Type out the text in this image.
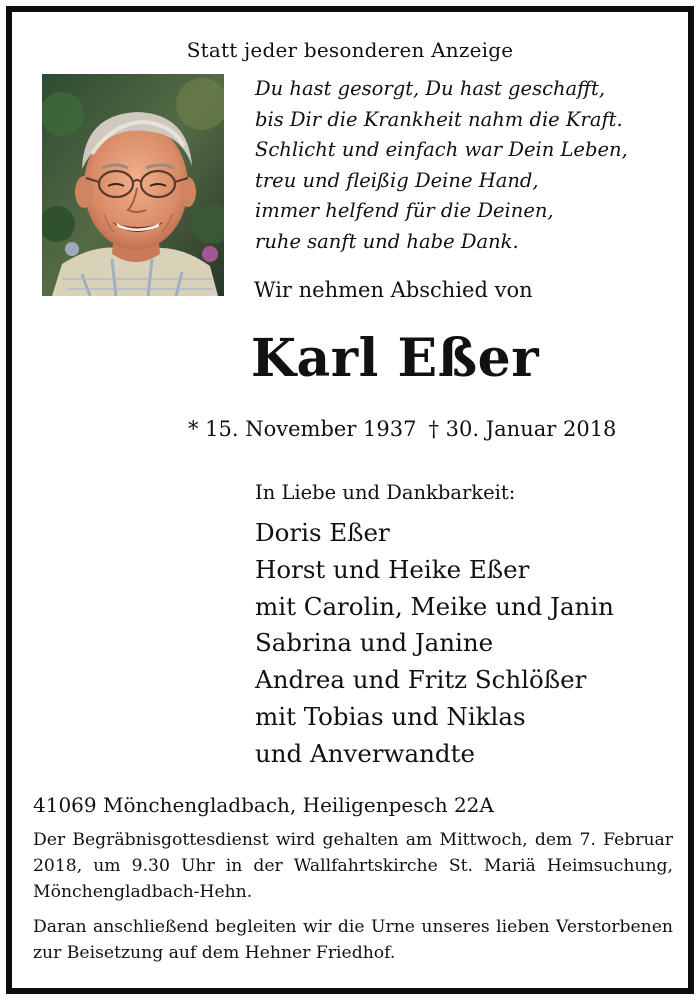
Statt jeder besonderen Anzeige
Du hast gesorgt, Du hast geschafft,
bis Dir die Krankheit nahm die Kraft.
Schlicht und einfach war Dein Leben,
treu und fleißig Deine Hand,
immer helfend für die Deinen,
ruhe sanft und habe Dank.
Wir nehmen Abschied von
Karl Eßer
* 15. November 1937 † 30. Januar 2018
In Liebe und Dankbarkeit:
Doris Eßer
Horst und Heike Eßer
mit Carolin, Meike und Janin
Sabrina und Janine
Andrea und Fritz Schlößer
mit Tobias und Niklas
und Anverwandte
41069 Mönchengladbach, Heiligenpesch 22A
Der Begräbnisgottesdienst wird gehalten am Mittwoch, dem 7. Februar 2018, um 9.30 Uhr in der Wallfahrtskirche St. Mariä Heimsuchung, Mönchengladbach-Hehn.
Daran anschließend begleiten wir die Urne unseres lieben Verstorbenen zur Beisetzung auf dem Hehner Friedhof.
